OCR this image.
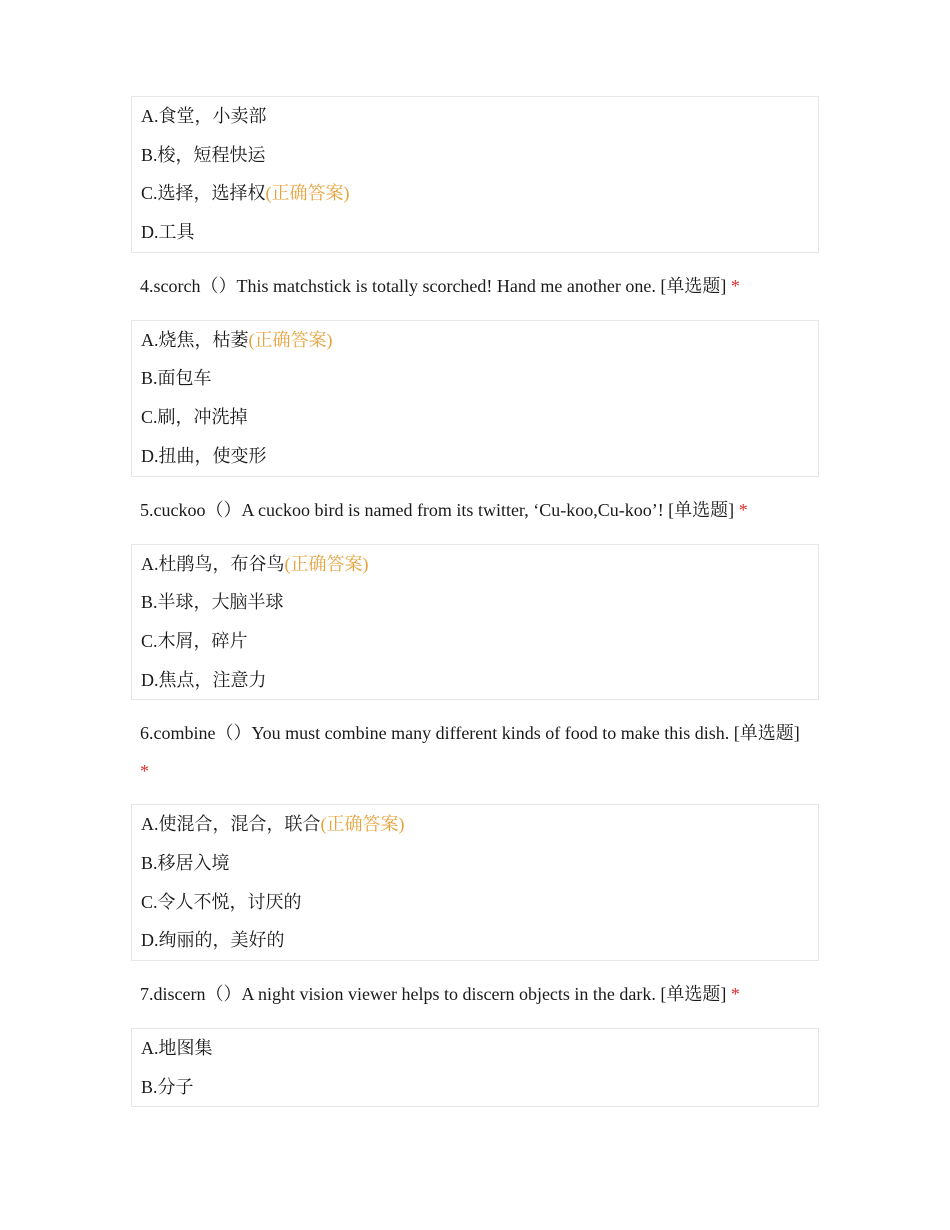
A.食堂，小卖部
B.梭，短程快运
C.选择，选择权(正确答案)
D.工具
4.scorch（）This matchstick is totally scorched! Hand me another one. [单选题] *
A.烧焦，枯萎(正确答案)
B.面包车
C.刷，冲洗掉
D.扭曲，使变形
5.cuckoo（）A cuckoo bird is named from its twitter, ‘Cu-koo,Cu-koo’! [单选题] *
A.杜鹃鸟，布谷鸟(正确答案)
B.半球，大脑半球
C.木屑，碎片
D.焦点，注意力
6.combine（）You must combine many different kinds of food to make this dish. [单选题] *
A.使混合，混合，联合(正确答案)
B.移居入境
C.令人不悦，讨厌的
D.绚丽的，美好的
7.discern（）A night vision viewer helps to discern objects in the dark. [单选题] *
A.地图集
B.分子
